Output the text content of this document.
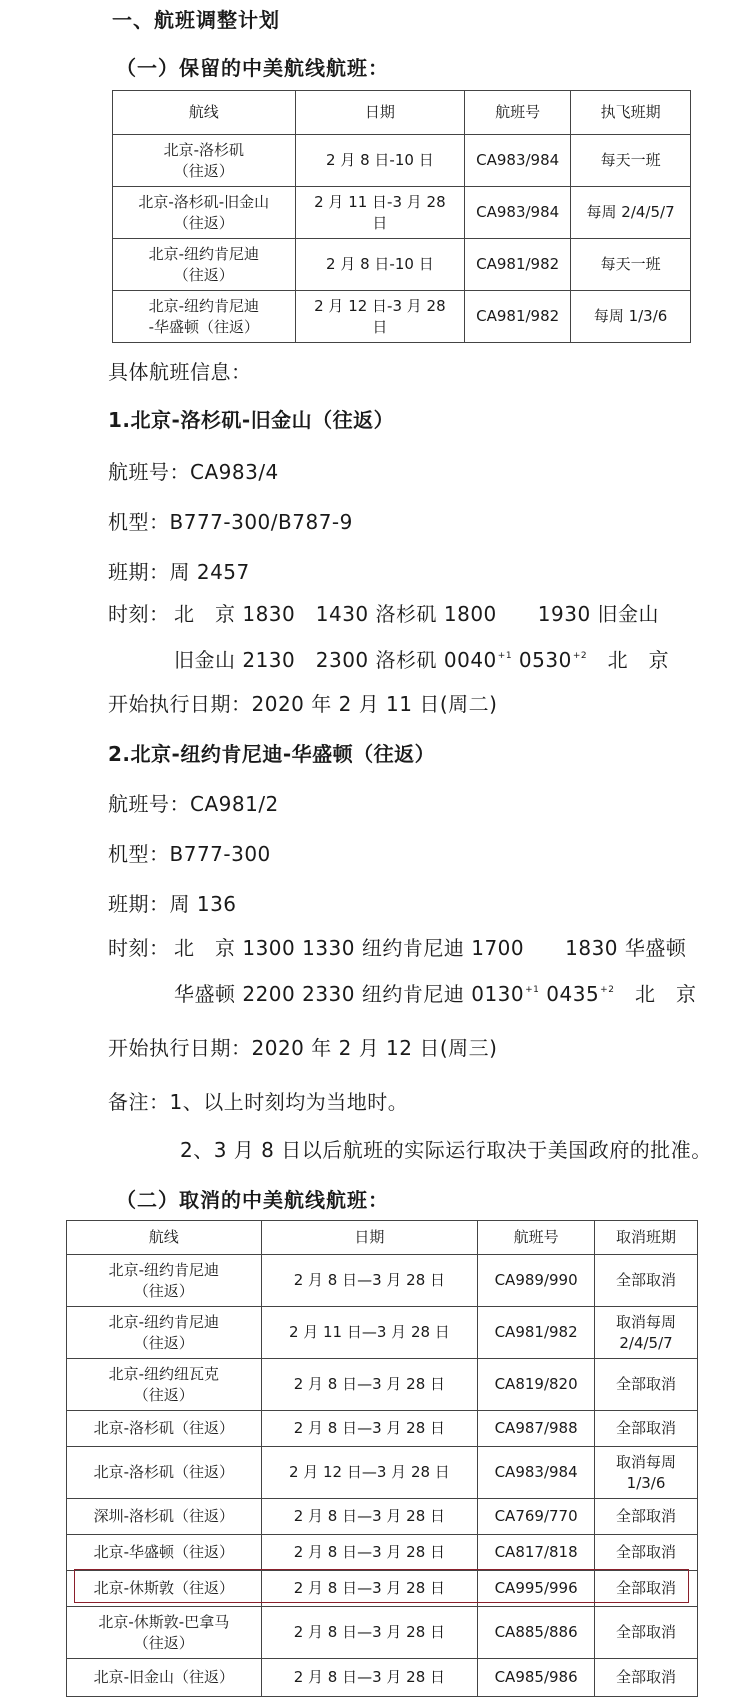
一、航班调整计划
（一）保留的中美航线航班：
航线	日期	航班号	执飞班期
北京-洛杉矶
（往返）	2 月 8 日-10 日	CA983/984	每天一班
北京-洛杉矶-旧金山
（往返）	2 月 11 日-3 月 28
日	CA983/984	每周 2/4/5/7
北京-纽约肯尼迪
（往返）	2 月 8 日-10 日	CA981/982	每天一班
北京-纽约肯尼迪
-华盛顿（往返）	2 月 12 日-3 月 28
日	CA981/982	每周 1/3/6
具体航班信息：
1.北京-洛杉矶-旧金山（往返）
航班号：CA983/4
机型：B777-300/B787-9
班期：周 2457
时刻： 北　京 1830　1430 洛杉矶 1800　　1930 旧金山
旧金山 2130　2300 洛杉矶 $0040^{+1}$ $0530^{+2}$　 北　京
开始执行日期：2020 年 2 月 11 日(周二)
2.北京-纽约肯尼迪-华盛顿（往返）
航班号：CA981/2
机型：B777-300
班期：周 136
时刻： 北　京 1300 1330 纽约肯尼迪 1700　　1830 华盛顿
华盛顿 2200 2330 纽约肯尼迪 $0130^{+1}$ $0435^{+2}$　 北　京
开始执行日期：2020 年 2 月 12 日(周三)
备注：1、以上时刻均为当地时。
2、3 月 8 日以后航班的实际运行取决于美国政府的批准。
（二）取消的中美航线航班：
航线	日期	航班号	取消班期
北京-纽约肯尼迪
（往返）	2 月 8 日—3 月 28 日	CA989/990	全部取消
北京-纽约肯尼迪
（往返）	2 月 11 日—3 月 28 日	CA981/982	取消每周
2/4/5/7
北京-纽约纽瓦克
（往返）	2 月 8 日—3 月 28 日	CA819/820	全部取消
北京-洛杉矶（往返）	2 月 8 日—3 月 28 日	CA987/988	全部取消
北京-洛杉矶（往返）	2 月 12 日—3 月 28 日	CA983/984	取消每周
1/3/6
深圳-洛杉矶（往返）	2 月 8 日—3 月 28 日	CA769/770	全部取消
北京-华盛顿（往返）	2 月 8 日—3 月 28 日	CA817/818	全部取消
北京-休斯敦（往返）	2 月 8 日—3 月 28 日	CA995/996	全部取消
北京-休斯敦-巴拿马
（往返）	2 月 8 日—3 月 28 日	CA885/886	全部取消
北京-旧金山（往返）	2 月 8 日—3 月 28 日	CA985/986	全部取消
